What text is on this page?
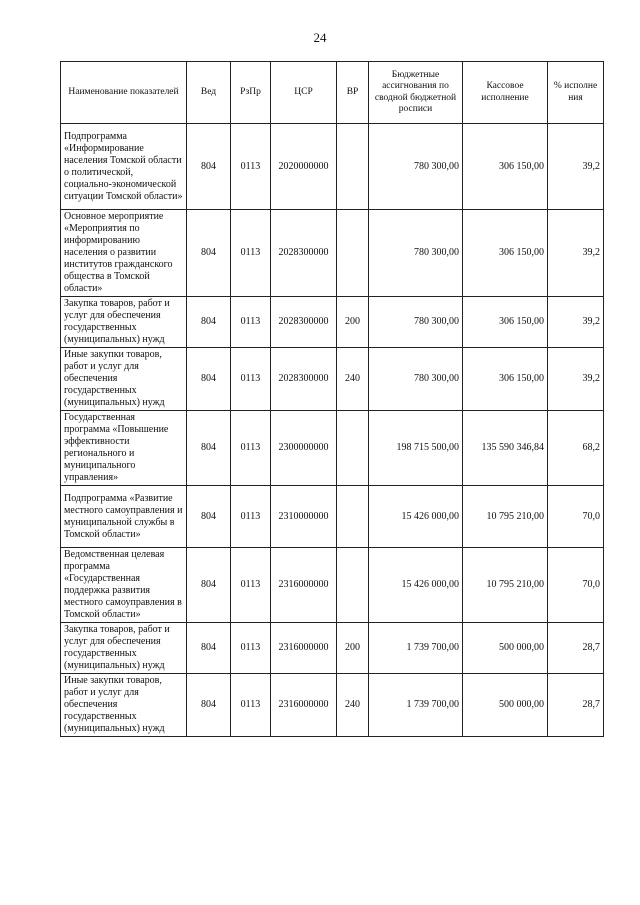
24
Наименование показателей	Вед	РзПр	ЦСР	ВР	Бюджетные ассигнования по сводной бюджетной росписи	Кассовое исполнение	% исполне ния
Подпрограмма «Информирование населения Томской области о политической, социально-экономической ситуации Томской области»	804	0113	2020000000		780 300,00	306 150,00	39,2
Основное мероприятие «Мероприятия по информированию населения о развитии институтов гражданского общества в Томской области»	804	0113	2028300000		780 300,00	306 150,00	39,2
Закупка товаров, работ и услуг для обеспечения государственных (муниципальных) нужд	804	0113	2028300000	200	780 300,00	306 150,00	39,2
Иные закупки товаров, работ и услуг для обеспечения государственных (муниципальных) нужд	804	0113	2028300000	240	780 300,00	306 150,00	39,2
Государственная программа «Повышение эффективности регионального и муниципального управления»	804	0113	2300000000		198 715 500,00	135 590 346,84	68,2
Подпрограмма «Развитие местного самоуправления и муниципальной службы в Томской области»	804	0113	2310000000		15 426 000,00	10 795 210,00	70,0
Ведомственная целевая программа «Государственная поддержка развития местного самоуправления в Томской области»	804	0113	2316000000		15 426 000,00	10 795 210,00	70,0
Закупка товаров, работ и услуг для обеспечения государственных (муниципальных) нужд	804	0113	2316000000	200	1 739 700,00	500 000,00	28,7
Иные закупки товаров, работ и услуг для обеспечения государственных (муниципальных) нужд	804	0113	2316000000	240	1 739 700,00	500 000,00	28,7
